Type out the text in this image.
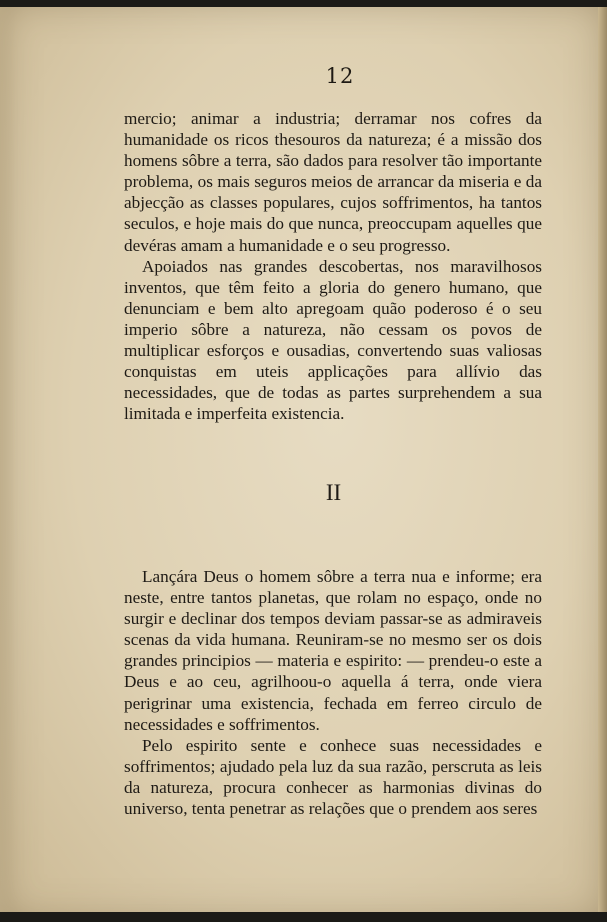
12

mercio; animar a industria; derramar nos cofres da humanidade os ricos thesouros da natureza; é a missão dos homens sôbre a terra, são dados para resolver tão importante problema, os mais seguros meios de arrancar da miseria e da abjecção as classes populares, cujos soffrimentos, ha tantos seculos, e hoje mais do que nunca, preoccupam aquelles que devéras amam a humanidade e o seu progresso.

Apoiados nas grandes descobertas, nos maravilhosos inventos, que têm feito a gloria do genero humano, que denunciam e bem alto apregoam quão poderoso é o seu imperio sôbre a natureza, não cessam os povos de multiplicar esforços e ousadias, convertendo suas valiosas conquistas em uteis applicações para allívio das necessidades, que de todas as partes surprehendem a sua limitada e imperfeita existencia.

II

Lançára Deus o homem sôbre a terra nua e informe; era neste, entre tantos planetas, que rolam no espaço, onde no surgir e declinar dos tempos deviam passar-se as admiraveis scenas da vida humana. Reuniram-se no mesmo ser os dois grandes principios — materia e espirito: — prendeu-o este a Deus e ao ceu, agrilhoou-o aquella á terra, onde viera perigrinar uma existencia, fechada em ferreo circulo de necessidades e soffrimentos.

Pelo espirito sente e conhece suas necessidades e soffrimentos; ajudado pela luz da sua razão, perscruta as leis da natureza, procura conhecer as harmonias divinas do universo, tenta penetrar as relações que o prendem aos seres
